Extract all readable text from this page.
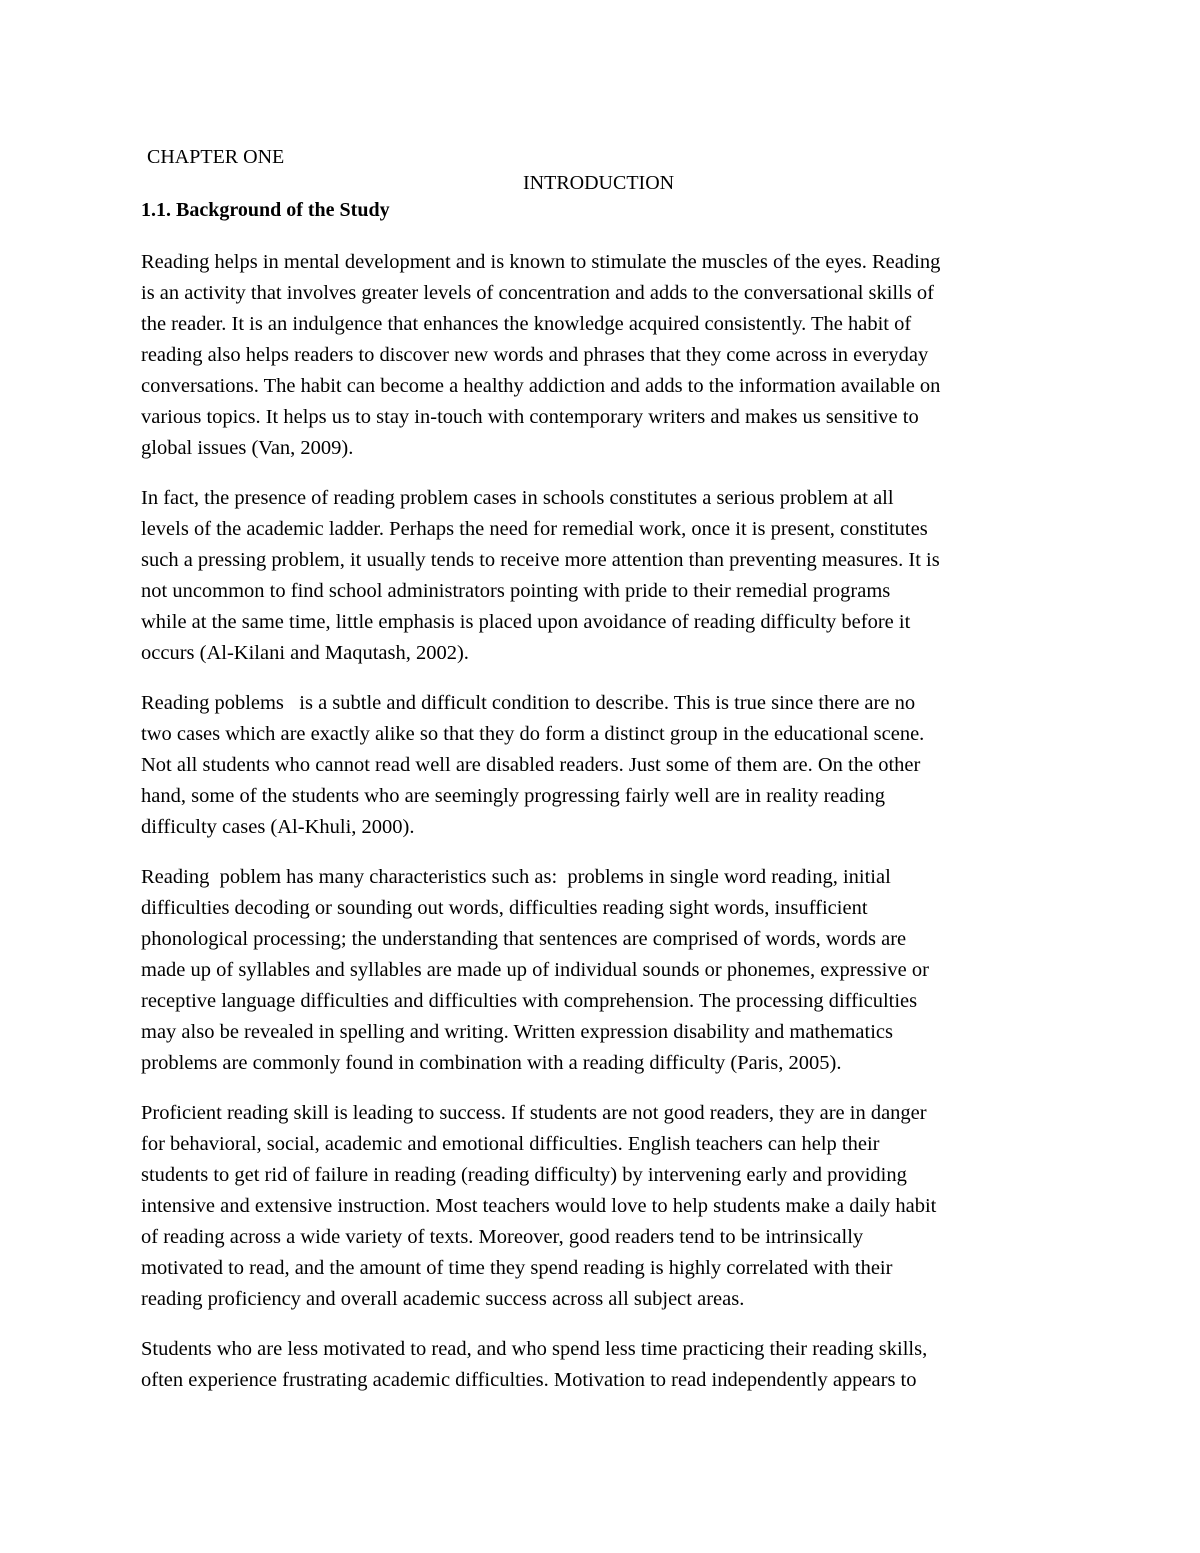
CHAPTER ONE
INTRODUCTION
1.1. Background of the Study

Reading helps in mental development and is known to stimulate the muscles of the eyes. Reading
is an activity that involves greater levels of concentration and adds to the conversational skills of
the reader. It is an indulgence that enhances the knowledge acquired consistently. The habit of
reading also helps readers to discover new words and phrases that they come across in everyday
conversations. The habit can become a healthy addiction and adds to the information available on
various topics. It helps us to stay in-touch with contemporary writers and makes us sensitive to
global issues (Van, 2009).

In fact, the presence of reading problem cases in schools constitutes a serious problem at all
levels of the academic ladder. Perhaps the need for remedial work, once it is present, constitutes
such a pressing problem, it usually tends to receive more attention than preventing measures. It is
not uncommon to find school administrators pointing with pride to their remedial programs
while at the same time, little emphasis is placed upon avoidance of reading difficulty before it
occurs (Al-Kilani and Maqutash, 2002).

Reading poblems   is a subtle and difficult condition to describe. This is true since there are no
two cases which are exactly alike so that they do form a distinct group in the educational scene.
Not all students who cannot read well are disabled readers. Just some of them are. On the other
hand, some of the students who are seemingly progressing fairly well are in reality reading
difficulty cases (Al-Khuli, 2000).

Reading  poblem has many characteristics such as:  problems in single word reading, initial
difficulties decoding or sounding out words, difficulties reading sight words, insufficient
phonological processing; the understanding that sentences are comprised of words, words are
made up of syllables and syllables are made up of individual sounds or phonemes, expressive or
receptive language difficulties and difficulties with comprehension. The processing difficulties
may also be revealed in spelling and writing. Written expression disability and mathematics
problems are commonly found in combination with a reading difficulty (Paris, 2005).

Proficient reading skill is leading to success. If students are not good readers, they are in danger
for behavioral, social, academic and emotional difficulties. English teachers can help their
students to get rid of failure in reading (reading difficulty) by intervening early and providing
intensive and extensive instruction. Most teachers would love to help students make a daily habit
of reading across a wide variety of texts. Moreover, good readers tend to be intrinsically
motivated to read, and the amount of time they spend reading is highly correlated with their
reading proficiency and overall academic success across all subject areas.

Students who are less motivated to read, and who spend less time practicing their reading skills,
often experience frustrating academic difficulties. Motivation to read independently appears to
